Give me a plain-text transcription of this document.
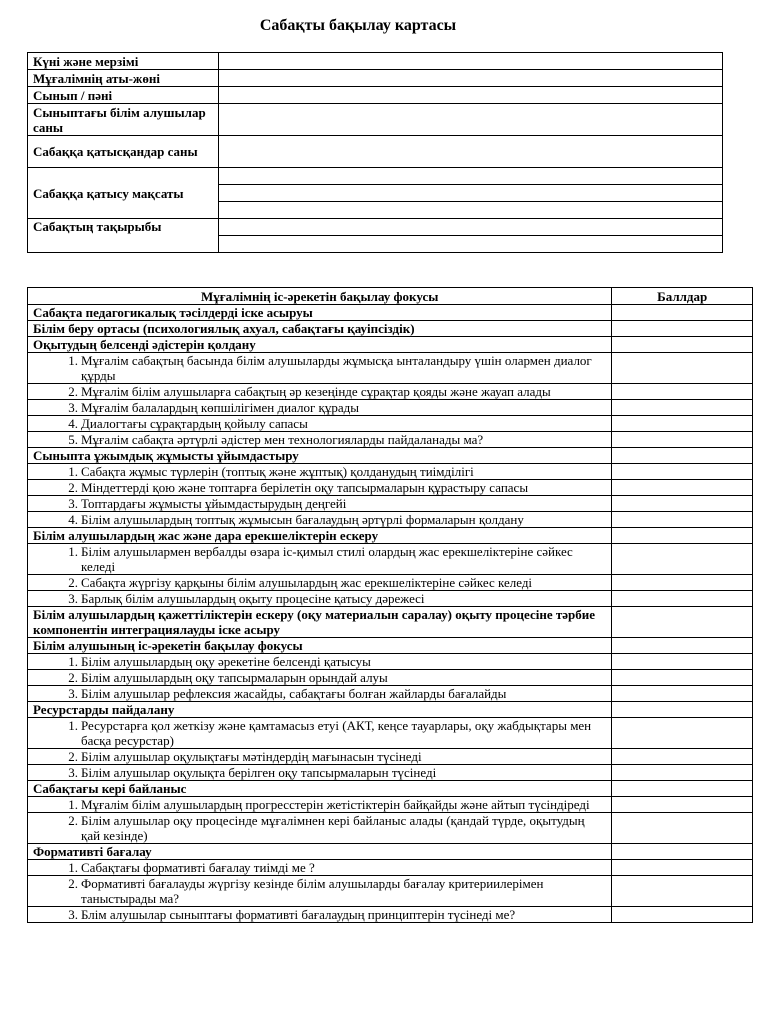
Сабақты бақылау картасы
Күні және мерзімі	
Мұғалімнің аты-жөні	
Сынып / пәні	
Сыныптағы білім алушылар саны	
Сабаққа қатысқандар саны	
Сабаққа қатысу мақсаты	

Сабақтың тақырыбы	

Мұғалімнің іс-әрекетін бақылау фокусы	Баллдар
Сабақта педагогикалық тәсілдерді іске асыруы	
Білім беру ортасы (психологиялық ахуал, сабақтағы қауіпсіздік)	
Оқытудың белсенді әдістерін қолдану	

1. Мұғалім сабақтың басында білім алушыларды жұмысқа ынталандыру үшін олармен диалог құрды	

2. Мұғалім білім алушыларға сабақтың әр кезеңінде сұрақтар қояды және жауап алады	

3. Мұғалім балалардың көпшілігімен диалог құрады	

4. Диалогтағы сұрақтардың қойылу сапасы	

5. Мұғалім сабақта әртүрлі әдістер мен технологияларды пайдаланады ма?	

Сыныпта ұжымдық жұмысты ұйымдастыру	

1. Сабақта жұмыс түрлерін (топтық және жұптық) қолданудың тиімділігі	

2. Міндеттерді қою және топтарға берілетін оқу тапсырмаларын құрастыру сапасы	

3. Топтардағы жұмысты ұйымдастырудың деңгейі	

4. Білім алушылардың топтық жұмысын бағалаудың әртүрлі формаларын қолдану	

Білім алушылардың жас және дара ерекшеліктерін ескеру	

1. Білім алушылармен вербалды өзара іс-қимыл стилі олардың жас ерекшеліктеріне сәйкес келеді	

2. Сабақта жүргізу қарқыны білім алушылардың жас ерекшеліктеріне сәйкес келеді	

3. Барлық білім алушылардың оқыту процесіне қатысу дәрежесі	

Білім алушылардың қажеттіліктерін ескеру (оқу материалын саралау) оқыту процесіне тәрбие компонентін интеграциялауды іске асыру	
Білім алушының іс-әрекетін бақылау фокусы	

1. Білім алушылардың оқу әрекетіне белсенді қатысуы	

2. Білім алушылардың оқу тапсырмаларын орындай алуы	

3. Білім алушылар рефлексия жасайды, сабақтағы болған жайларды бағалайды	

Ресурстарды пайдалану	

1. Ресурстарға қол жеткізу және қамтамасыз етуі (АКТ, кеңсе тауарлары, оқу жабдықтары мен басқа ресурстар)	

2. Білім алушылар оқулықтағы мәтіндердің мағынасын түсінеді	

3. Білім алушылар оқулықта берілген оқу тапсырмаларын түсінеді	

Сабақтағы кері байланыс	

1. Мұғалім білім алушылардың прогресстерін жетістіктерін байқайды және айтып түсіндіреді	

2. Білім алушылар оқу процесінде мұғалімнен кері байланыс алады (қандай түрде, оқытудың қай кезінде)	

Формативті бағалау	

1. Сабақтағы формативті бағалау тиімді ме ?	

2. Формативті бағалауды жүргізу кезінде білім алушыларды бағалау критериилерімен таныстырады ма?	

3. Блім алушылар сыныптағы формативті бағалаудың принциптерін түсінеді ме?	
